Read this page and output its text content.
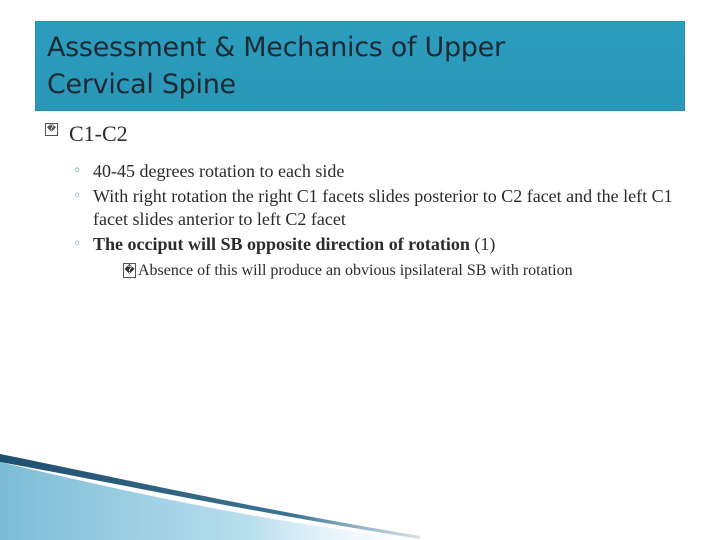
Assessment & Mechanics of Upper
Cervical Spine
� C1-C2
◦ 40-45 degrees rotation to each side
◦ With right rotation the right C1 facets slides posterior to C2 facet and the left C1 facet slides anterior to left C2 facet
◦ The occiput will SB opposite direction of rotation (1)
� Absence of this will produce an obvious ipsilateral SB with rotation
